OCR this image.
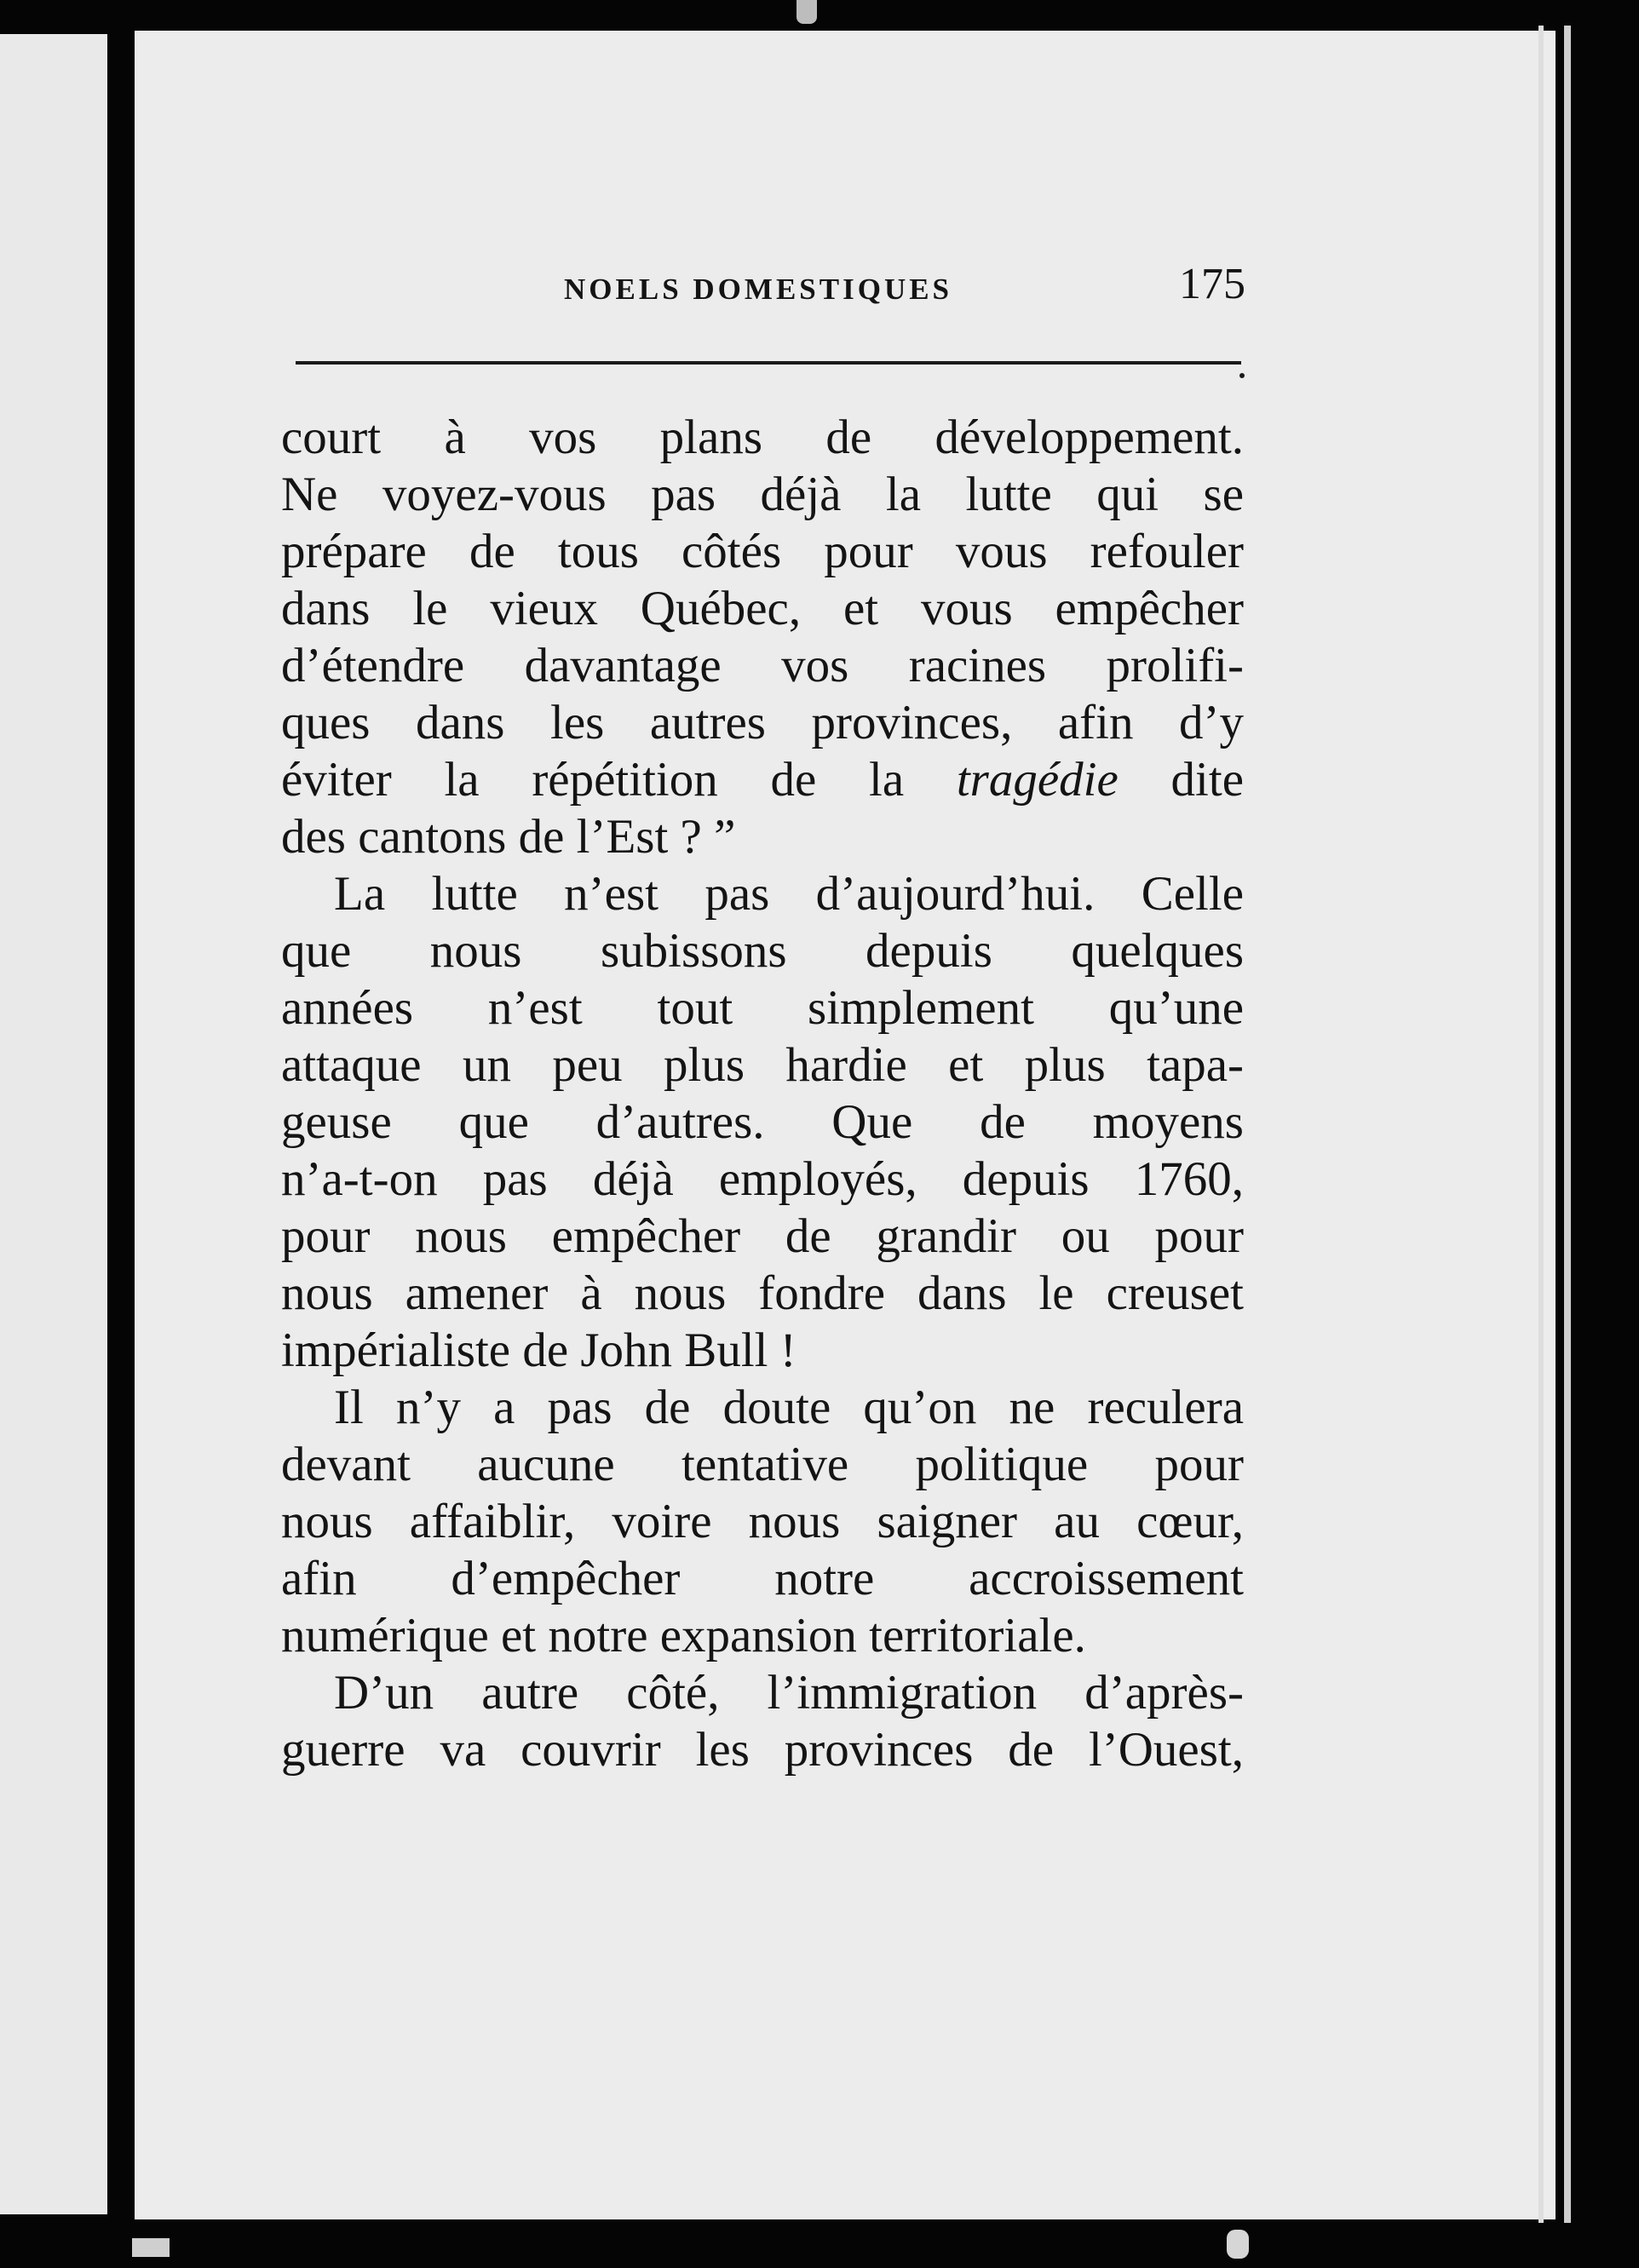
NOELS DOMESTIQUES	175
court à vos plans de développement.
Ne voyez-vous pas déjà la lutte qui se
prépare de tous côtés pour vous refouler
dans le vieux Québec, et vous empêcher
d’étendre davantage vos racines prolifi-
ques dans les autres provinces, afin d’y
éviter la répétition de la tragédie dite
des cantons de l’Est ? ”
La lutte n’est pas d’aujourd’hui. Celle
que nous subissons depuis quelques
années n’est tout simplement qu’une
attaque un peu plus hardie et plus tapa-
geuse que d’autres. Que de moyens
n’a-t-on pas déjà employés, depuis 1760,
pour nous empêcher de grandir ou pour
nous amener à nous fondre dans le creuset
impérialiste de John Bull !
Il n’y a pas de doute qu’on ne reculera
devant aucune tentative politique pour
nous affaiblir, voire nous saigner au cœur,
afin d’empêcher notre accroissement
numérique et notre expansion territoriale.
D’un autre côté, l’immigration d’après-
guerre va couvrir les provinces de l’Ouest,
